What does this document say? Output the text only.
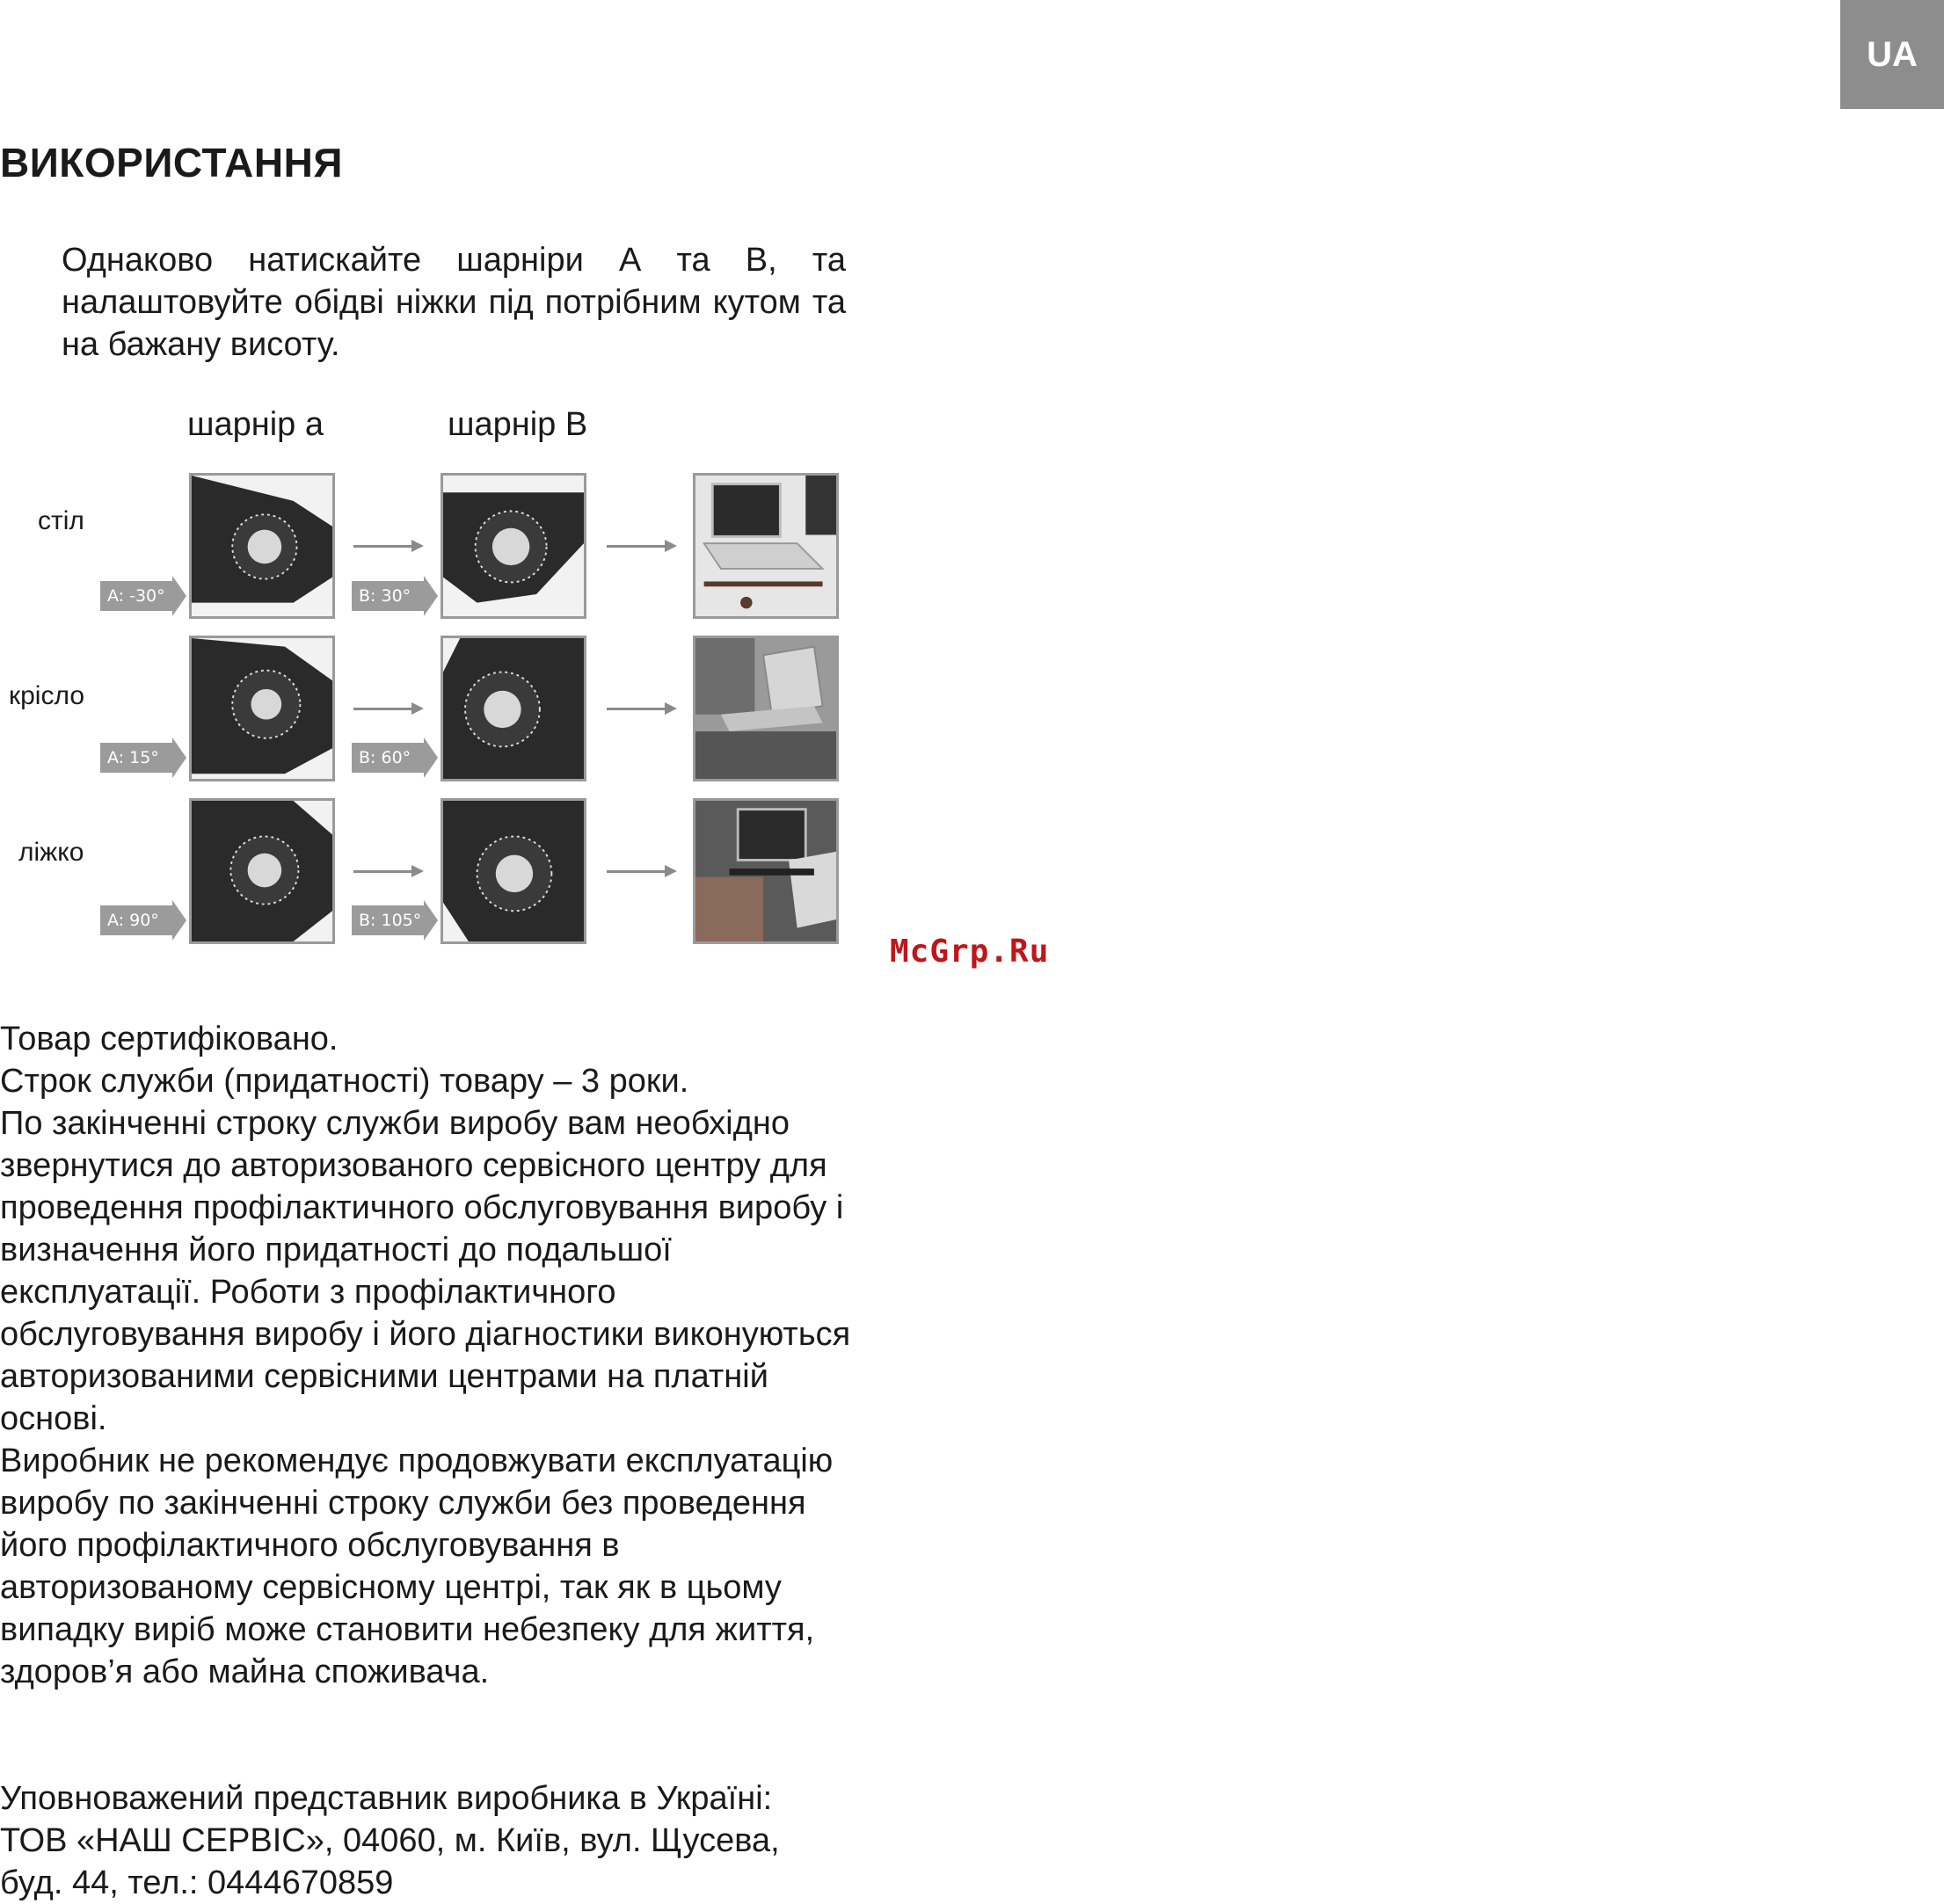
UA
ВИКОРИСТАННЯ

Однаково натискайте шарніри А та В, та налаштовуйте обідві ніжки під потрібним кутом та на бажану висоту.

шарнір a	шарнір В
стіл
A: -30°	B: 30°
крісло
A: 15°	B: 60°
ліжко
A: 90°	B: 105°
McGrp.Ru

Товар сертифіковано.

Строк служби (придатності) товару – 3 роки.

По закінченні строку служби виробу вам необхідно звернутися до авторизованого сервісного центру для проведення профілактичного обслуговування виробу і визначення його придатності до подальшої експлуатації. Роботи з профілактичного обслуговування виробу і його діагностики виконуються авторизованими сервісними центрами на платній основі.

Виробник не рекомендує продовжувати експлуатацію виробу по закінченні строку служби без проведення його профілактичного обслуговування в авторизованому сервісному центрі, так як в цьому випадку виріб може становити небезпеку для життя, здоров’я або майна споживача.

Уповноважений представник виробника в Україні:

ТОВ «НАШ СЕРВІС», 04060, м. Київ, вул. Щусева,

буд. 44, тел.: 0444670859
